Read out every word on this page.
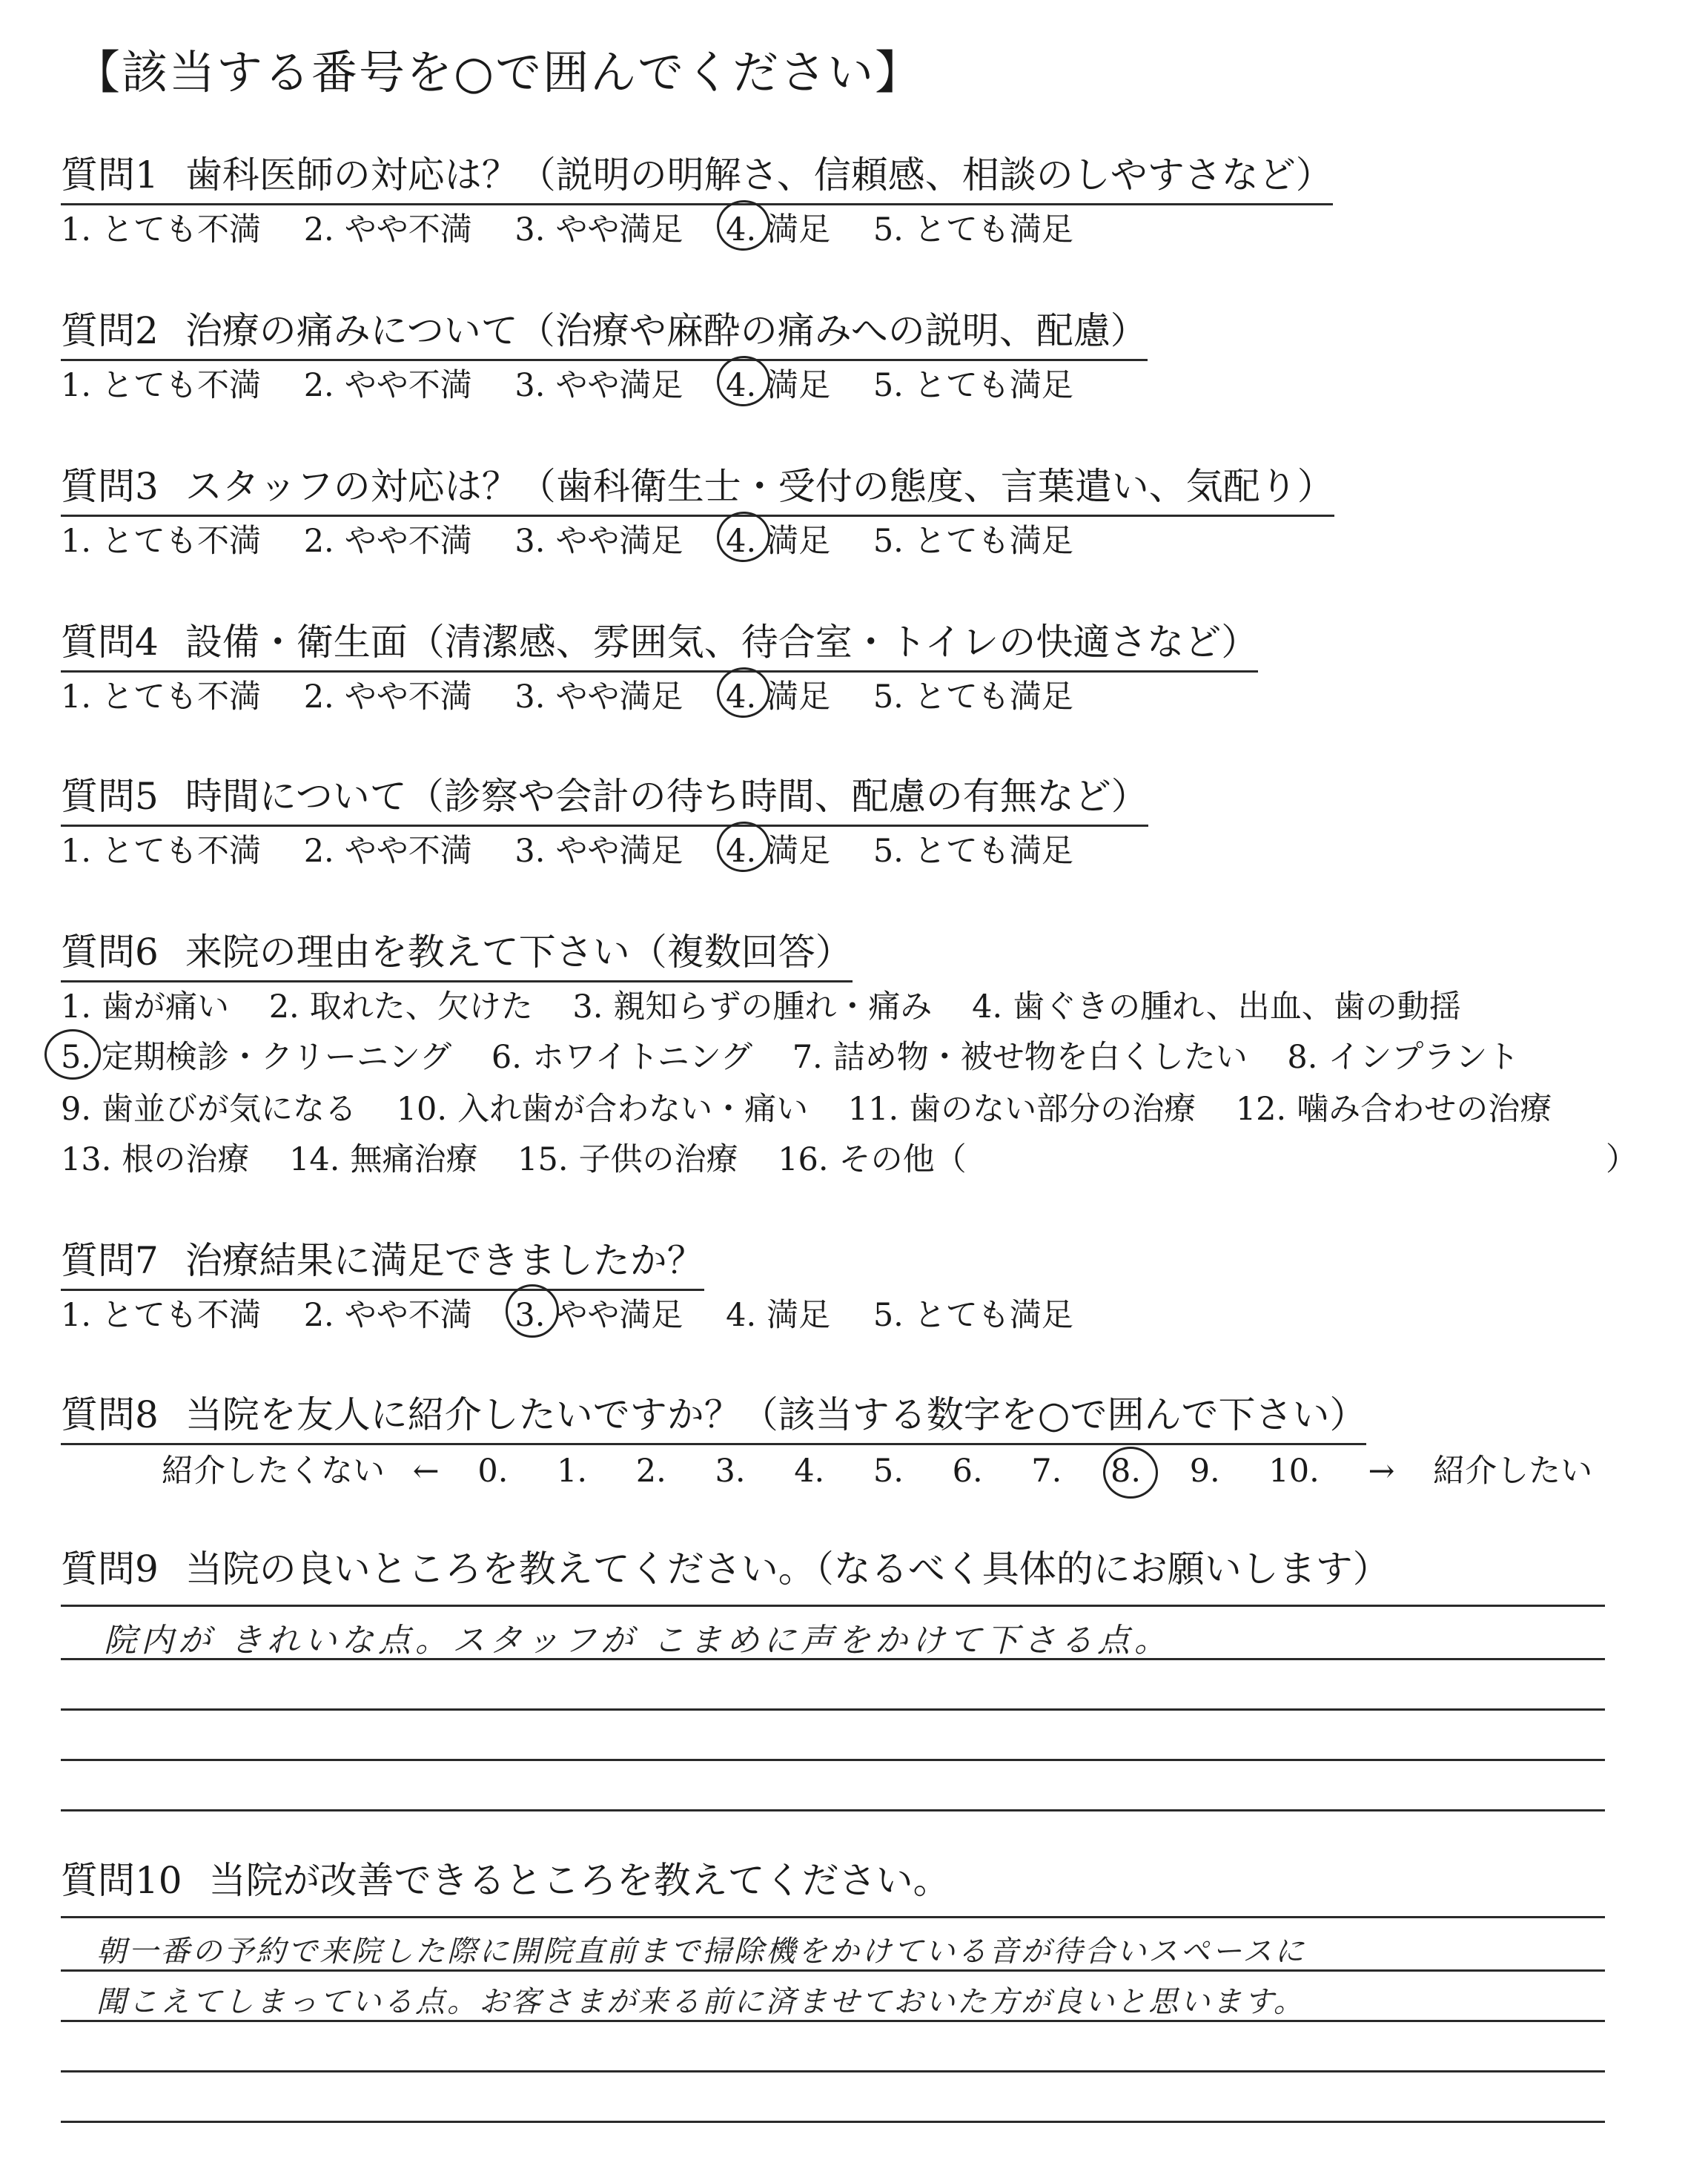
【該当する番号を○で囲んでください】
質問1 歯科医師の対応は？（説明の明解さ、信頼感、相談のしやすさなど）
1. とても不満 2. やや不満 3. やや満足 4. 満足 5. とても満足
質問2 治療の痛みについて（治療や麻酔の痛みへの説明、配慮）
1. とても不満 2. やや不満 3. やや満足 4. 満足 5. とても満足
質問3 スタッフの対応は？（歯科衛生士・受付の態度、言葉遣い、気配り）
1. とても不満 2. やや不満 3. やや満足 4. 満足 5. とても満足
質問4 設備・衛生面（清潔感、雰囲気、待合室・トイレの快適さなど）
1. とても不満 2. やや不満 3. やや満足 4. 満足 5. とても満足
質問5 時間について（診察や会計の待ち時間、配慮の有無など）
1. とても不満 2. やや不満 3. やや満足 4. 満足 5. とても満足
質問6 来院の理由を教えて下さい（複数回答）
1. 歯が痛い 2. 取れた、欠けた 3. 親知らずの腫れ・痛み 4. 歯ぐきの腫れ、出血、歯の動揺
5. 定期検診・クリーニング 6. ホワイトニング 7. 詰め物・被せ物を白くしたい 8. インプラント
9. 歯並びが気になる 10. 入れ歯が合わない・痛い 11. 歯のない部分の治療 12. 噛み合わせの治療
13. 根の治療 14. 無痛治療 15. 子供の治療 16. その他（	）
質問7 治療結果に満足できましたか？
1. とても不満 2. やや不満 3. やや満足 4. 満足 5. とても満足
質問8 当院を友人に紹介したいですか？（該当する数字を○で囲んで下さい）
紹介したくない ← 0. 1. 2. 3. 4. 5. 6. 7. 8. 9. 10. → 紹介したい
質問9 当院の良いところを教えてください。（なるべく具体的にお願いします）
院内が きれいな点。スタッフが こまめに声をかけて下さる点。
質問10 当院が改善できるところを教えてください。
朝一番の予約で来院した際に開院直前まで掃除機をかけている音が待合いスペースに
聞こえてしまっている点。お客さまが来る前に済ませておいた方が良いと思います。
